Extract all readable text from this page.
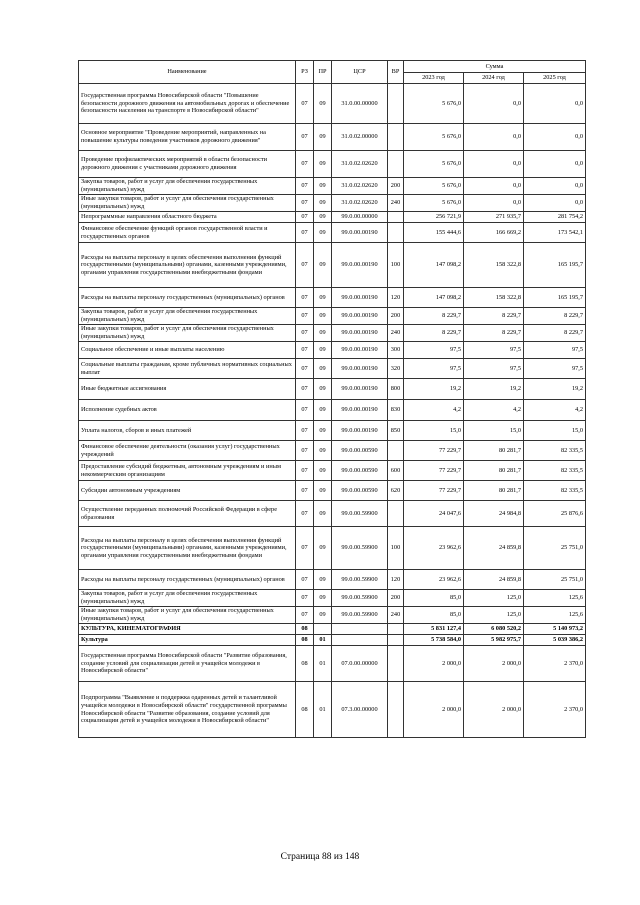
Наименование	РЗ	ПР	ЦСР	ВР	Сумма		
					2023 год	2024 год	2025 год
Государственная программа Новосибирской области "Повышение безопасности дорожного движения на автомобильных дорогах и обеспечение безопасности населения на транспорте в Новосибирской области"	07	09	31.0.00.00000		5 676,0	0,0	0,0
Основное мероприятие "Проведение мероприятий, направленных на повышение культуры поведения участников дорожного движения"	07	09	31.0.02.00000		5 676,0	0,0	0,0
Проведение профилактических мероприятий в области безопасности дорожного движения с участниками дорожного движения	07	09	31.0.02.02620		5 676,0	0,0	0,0
Закупка товаров, работ и услуг для обеспечения государственных (муниципальных) нужд	07	09	31.0.02.02620	200	5 676,0	0,0	0,0
Иные закупки товаров, работ и услуг для обеспечения государственных (муниципальных) нужд	07	09	31.0.02.02620	240	5 676,0	0,0	0,0
Непрограммные направления областного бюджета	07	09	99.0.00.00000		256 721,9	271 935,7	281 754,2
Финансовое обеспечение функций органов государственной власти и государственных органов	07	09	99.0.00.00190		155 444,6	166 669,2	173 542,1
Расходы на выплаты персоналу в целях обеспечения выполнения функций государственными (муниципальными) органами, казенными учреждениями, органами управления государственными внебюджетными фондами	07	09	99.0.00.00190	100	147 098,2	158 322,8	165 195,7
Расходы на выплаты персоналу государственных (муниципальных) органов	07	09	99.0.00.00190	120	147 098,2	158 322,8	165 195,7
Закупка товаров, работ и услуг для обеспечения государственных (муниципальных) нужд	07	09	99.0.00.00190	200	8 229,7	8 229,7	8 229,7
Иные закупки товаров, работ и услуг для обеспечения государственных (муниципальных) нужд	07	09	99.0.00.00190	240	8 229,7	8 229,7	8 229,7
Социальное обеспечение и иные выплаты населению	07	09	99.0.00.00190	300	97,5	97,5	97,5
Социальные выплаты гражданам, кроме публичных нормативных социальных выплат	07	09	99.0.00.00190	320	97,5	97,5	97,5
Иные бюджетные ассигнования	07	09	99.0.00.00190	800	19,2	19,2	19,2
Исполнение судебных актов	07	09	99.0.00.00190	830	4,2	4,2	4,2
Уплата налогов, сборов и иных платежей	07	09	99.0.00.00190	850	15,0	15,0	15,0
Финансовое обеспечение деятельности (оказания услуг) государственных учреждений	07	09	99.0.00.00590		77 229,7	80 281,7	82 335,5
Предоставление субсидий бюджетным, автономным учреждениям и иным некоммерческим организациям	07	09	99.0.00.00590	600	77 229,7	80 281,7	82 335,5
Субсидии автономным учреждениям	07	09	99.0.00.00590	620	77 229,7	80 281,7	82 335,5
Осуществление переданных полномочий Российской Федерации в сфере образования	07	09	99.0.00.59900		24 047,6	24 984,8	25 876,6
Расходы на выплаты персоналу в целях обеспечения выполнения функций государственными (муниципальными) органами, казенными учреждениями, органами управления государственными внебюджетными фондами	07	09	99.0.00.59900	100	23 962,6	24 859,8	25 751,0
Расходы на выплаты персоналу государственных (муниципальных) органов	07	09	99.0.00.59900	120	23 962,6	24 859,8	25 751,0
Закупка товаров, работ и услуг для обеспечения государственных (муниципальных) нужд	07	09	99.0.00.59900	200	85,0	125,0	125,6
Иные закупки товаров, работ и услуг для обеспечения государственных (муниципальных) нужд	07	09	99.0.00.59900	240	85,0	125,0	125,6
КУЛЬТУРА, КИНЕМАТОГРАФИЯ	08				5 831 127,4	6 080 520,2	5 140 973,2
Культура	08	01			5 738 584,0	5 982 975,7	5 039 386,2
Государственная программа Новосибирской области "Развитие образования, создание условий для социализации детей и учащейся молодежи в Новосибирской области"	08	01	07.0.00.00000		2 000,0	2 000,0	2 370,0
Подпрограмма "Выявление и поддержка одаренных детей и талантливой учащейся молодежи в Новосибирской области" государственной программы Новосибирской области "Развитие образования, создание условий для социализации детей и учащейся молодежи в Новосибирской области"	08	01	07.3.00.00000		2 000,0	2 000,0	2 370,0
Страница 88 из 148
